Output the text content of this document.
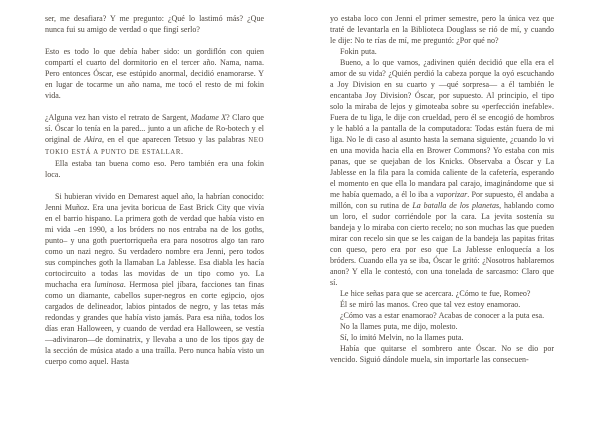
ser, me desafiara? Y me pregunto: ¿Qué lo lastimó más? ¿Que nunca fui su amigo de verdad o que fingí serlo?

Esto es todo lo que debía haber sido: un gordiflón con quien compartí el cuarto del dormitorio en el tercer año. Nama, nama. Pero entonces Óscar, ese estúpido anormal, decidió enamorarse. Y en lugar de tocarme un año nama, me tocó el resto de mi fokin vida.

¿Alguna vez han visto el retrato de Sargent, Madame X? Claro que sí. Óscar lo tenía en la pared... junto a un afiche de Ro-botech y el original de Akira, en el que aparecen Tetsuo y las palabras NEO TOKIO ESTÁ A PUNTO DE ESTALLAR.

Ella estaba tan buena como eso. Pero también era una fokin loca.

Si hubieran vivido en Demarest aquel año, la habrían conocido: Jenni Muñoz. Era una jevita boricua de East Brick City que vivía en el barrio hispano. La primera goth de verdad que había visto en mi vida –en 1990, a los bróders no nos entraba na de los goths, punto– y una goth puertorriqueña era para nosotros algo tan raro como un nazi negro. Su verdadero nombre era Jenni, pero todos sus compinches goth la llamaban La Jablesse. Esa diabla les hacía cortocircuito a todas las movidas de un tipo como yo. La muchacha era luminosa. Hermosa piel jíbara, facciones tan finas como un diamante, cabellos super-negros en corte egipcio, ojos cargados de delineador, labios pintados de negro, y las tetas más redondas y grandes que había visto jamás. Para esa niña, todos los días eran Halloween, y cuando de verdad era Halloween, se vestía —adivinaron—de dominatrix, y llevaba a uno de los tipos gay de la sección de música atado a una traílla. Pero nunca había visto un cuerpo como aquel. Hasta

yo estaba loco con Jenni el primer semestre, pero la única vez que traté de levantarla en la Biblioteca Douglass se rió de mí, y cuando le dije: No te rías de mí, me preguntó: ¿Por qué no?

Fokin puta.

Bueno, a lo que vamos, ¿adivinen quién decidió que ella era el amor de su vida? ¿Quién perdió la cabeza porque la oyó escuchando a Joy Division en su cuarto y —qué sorpresa— a él también le encantaba Joy Division? Óscar, por supuesto. Al principio, el tipo solo la miraba de lejos y gimoteaba sobre su «perfección inefable». Fuera de tu liga, le dije con crueldad, pero él se encogió de hombros y le habló a la pantalla de la computadora: Todas están fuera de mi liga. No le di caso al asunto hasta la semana siguiente, ¿cuando lo vi en una movida hacia ella en Brower Commons? Yo estaba con mis panas, que se quejaban de los Knicks. Observaba a Óscar y La Jablesse en la fila para la comida caliente de la cafetería, esperando el momento en que ella lo mandara pal carajo, imaginándome que si me había quemado, a él lo iba a vaporizar. Por supuesto, él andaba a millón, con su rutina de La batalla de los planetas, hablando como un loro, el sudor corriéndole por la cara. La jevita sostenía su bandeja y lo miraba con cierto recelo; no son muchas las que pueden mirar con recelo sin que se les caigan de la bandeja las papitas fritas con queso, pero era por eso que La Jablesse enloquecía a los bróders. Cuando ella ya se iba, Óscar le gritó: ¿Nosotros hablaremos anon? Y ella le contestó, con una tonelada de sarcasmo: Claro que sí.

Le hice señas para que se acercara. ¿Cómo te fue, Romeo?

Él se miró las manos. Creo que tal vez estoy enamorao.

¿Cómo vas a estar enamorao? Acabas de conocer a la puta esa.

No la llames puta, me dijo, molesto.

Sí, lo imitó Melvin, no la llames puta.

Había que quitarse el sombrero ante Óscar. No se dio por vencido. Siguió dándole muela, sin importarle las consecuen-
